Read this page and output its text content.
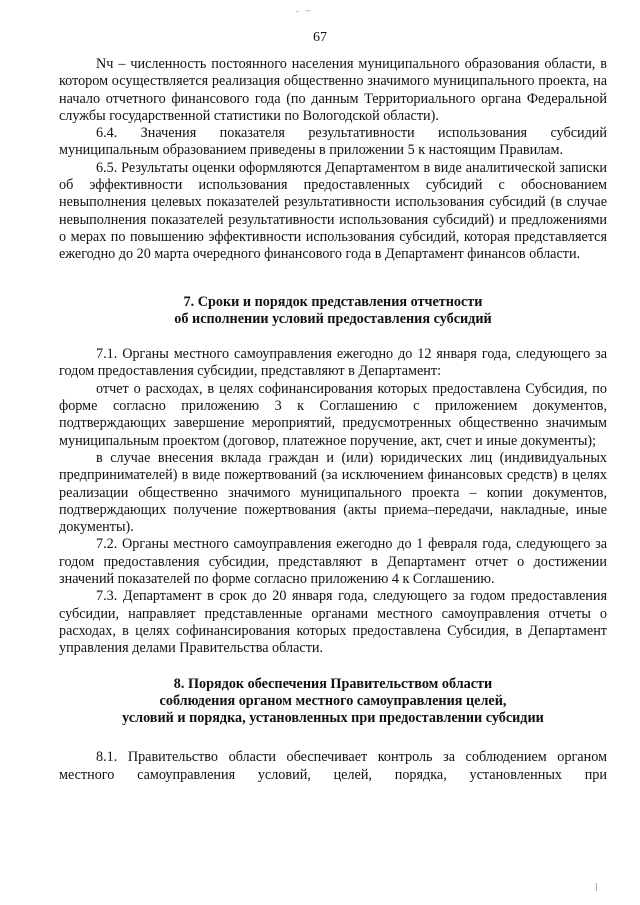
- ~
67

Nч – численность постоянного населения муниципального образования области, в котором осуществляется реализация общественно значимого муниципального проекта, на начало отчетного финансового года (по данным Территориального органа Федеральной службы государственной статистики по Вологодской области).

6.4. Значения показателя результативности использования субсидий муниципальным образованием приведены в приложении 5 к настоящим Правилам.

6.5. Результаты оценки оформляются Департаментом в виде аналитической записки об эффективности использования предоставленных субсидий с обоснованием невыполнения целевых показателей результативности использования субсидий (в случае невыполнения показателей результативности использования субсидий) и предложениями о мерах по повышению эффективности использования субсидий, которая представляется ежегодно до 20 марта очередного финансового года в Департамент финансов области.

7. Сроки и порядок представления отчетности
об исполнении условий предоставления субсидий

7.1. Органы местного самоуправления ежегодно до 12 января года, следующего за годом предоставления субсидии, представляют в Департамент:

отчет о расходах, в целях софинансирования которых предоставлена Субсидия, по форме согласно приложению 3 к Соглашению с приложением документов, подтверждающих завершение мероприятий, предусмотренных общественно значимым муниципальным проектом (договор, платежное поручение, акт, счет и иные документы);

в случае внесения вклада граждан и (или) юридических лиц (индивидуальных предпринимателей) в виде пожертвований (за исключением финансовых средств) в целях реализации общественно значимого муниципального проекта – копии документов, подтверждающих получение пожертвования (акты приема–передачи, накладные, иные документы).

7.2. Органы местного самоуправления ежегодно до 1 февраля года, следующего за годом предоставления субсидии, представляют в Департамент отчет о достижении значений показателей по форме согласно приложению 4 к Соглашению.

7.3. Департамент в срок до 20 января года, следующего за годом предоставления субсидии, направляет представленные органами местного самоуправления отчеты о расходах, в целях софинансирования которых предоставлена Субсидия, в Департамент управления делами Правительства области.

8. Порядок обеспечения Правительством области
соблюдения органом местного самоуправления целей,
условий и порядка, установленных при предоставлении субсидии

8.1. Правительство области обеспечивает контроль за соблюдением органом местного самоуправления условий, целей, порядка, установленных при
